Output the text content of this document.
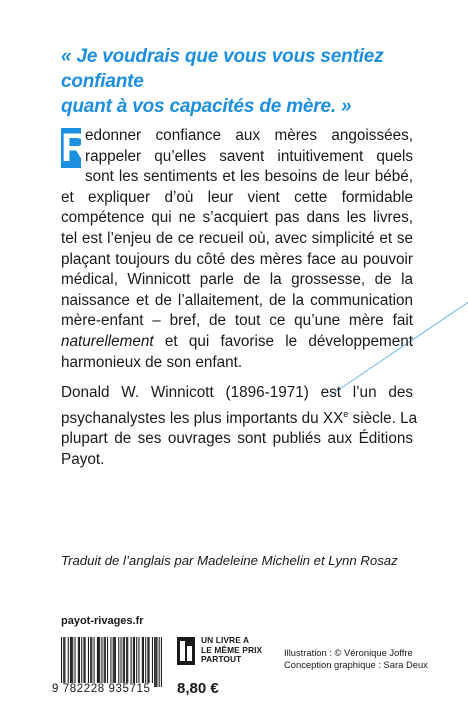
« Je voudrais que vous vous sentiez confiante
quant à vos capacités de mère. »
R
edonner confiance aux mères angoissées,
rappeler qu’elles savent intuitivement quels
sont les sentiments et les besoins de leur bébé,
et expliquer d’où leur vient cette formidable
compétence qui ne s’acquiert pas dans les livres,
tel est l’enjeu de ce recueil où, avec simplicité et se
plaçant toujours du côté des mères face au pouvoir
médical, Winnicott parle de la grossesse, de la
naissance et de l’allaitement, de la communication
mère-enfant – bref, de tout ce qu’une mère fait
naturellement et qui favorise le développement
harmonieux de son enfant.
Donald W. Winnicott (1896-1971) est l’un des
psychanalystes les plus importants du XXe siècle. La
plupart de ses ouvrages sont publiés aux Éditions
Payot.
Traduit de l’anglais par Madeleine Michelin et Lynn Rosaz
payot-rivages.fr
9 782228 935715
UN LIVRE A
LE MÊME PRIX
PARTOUT
8,80 €
Illustration : © Véronique Joffre
Conception graphique : Sara Deux
